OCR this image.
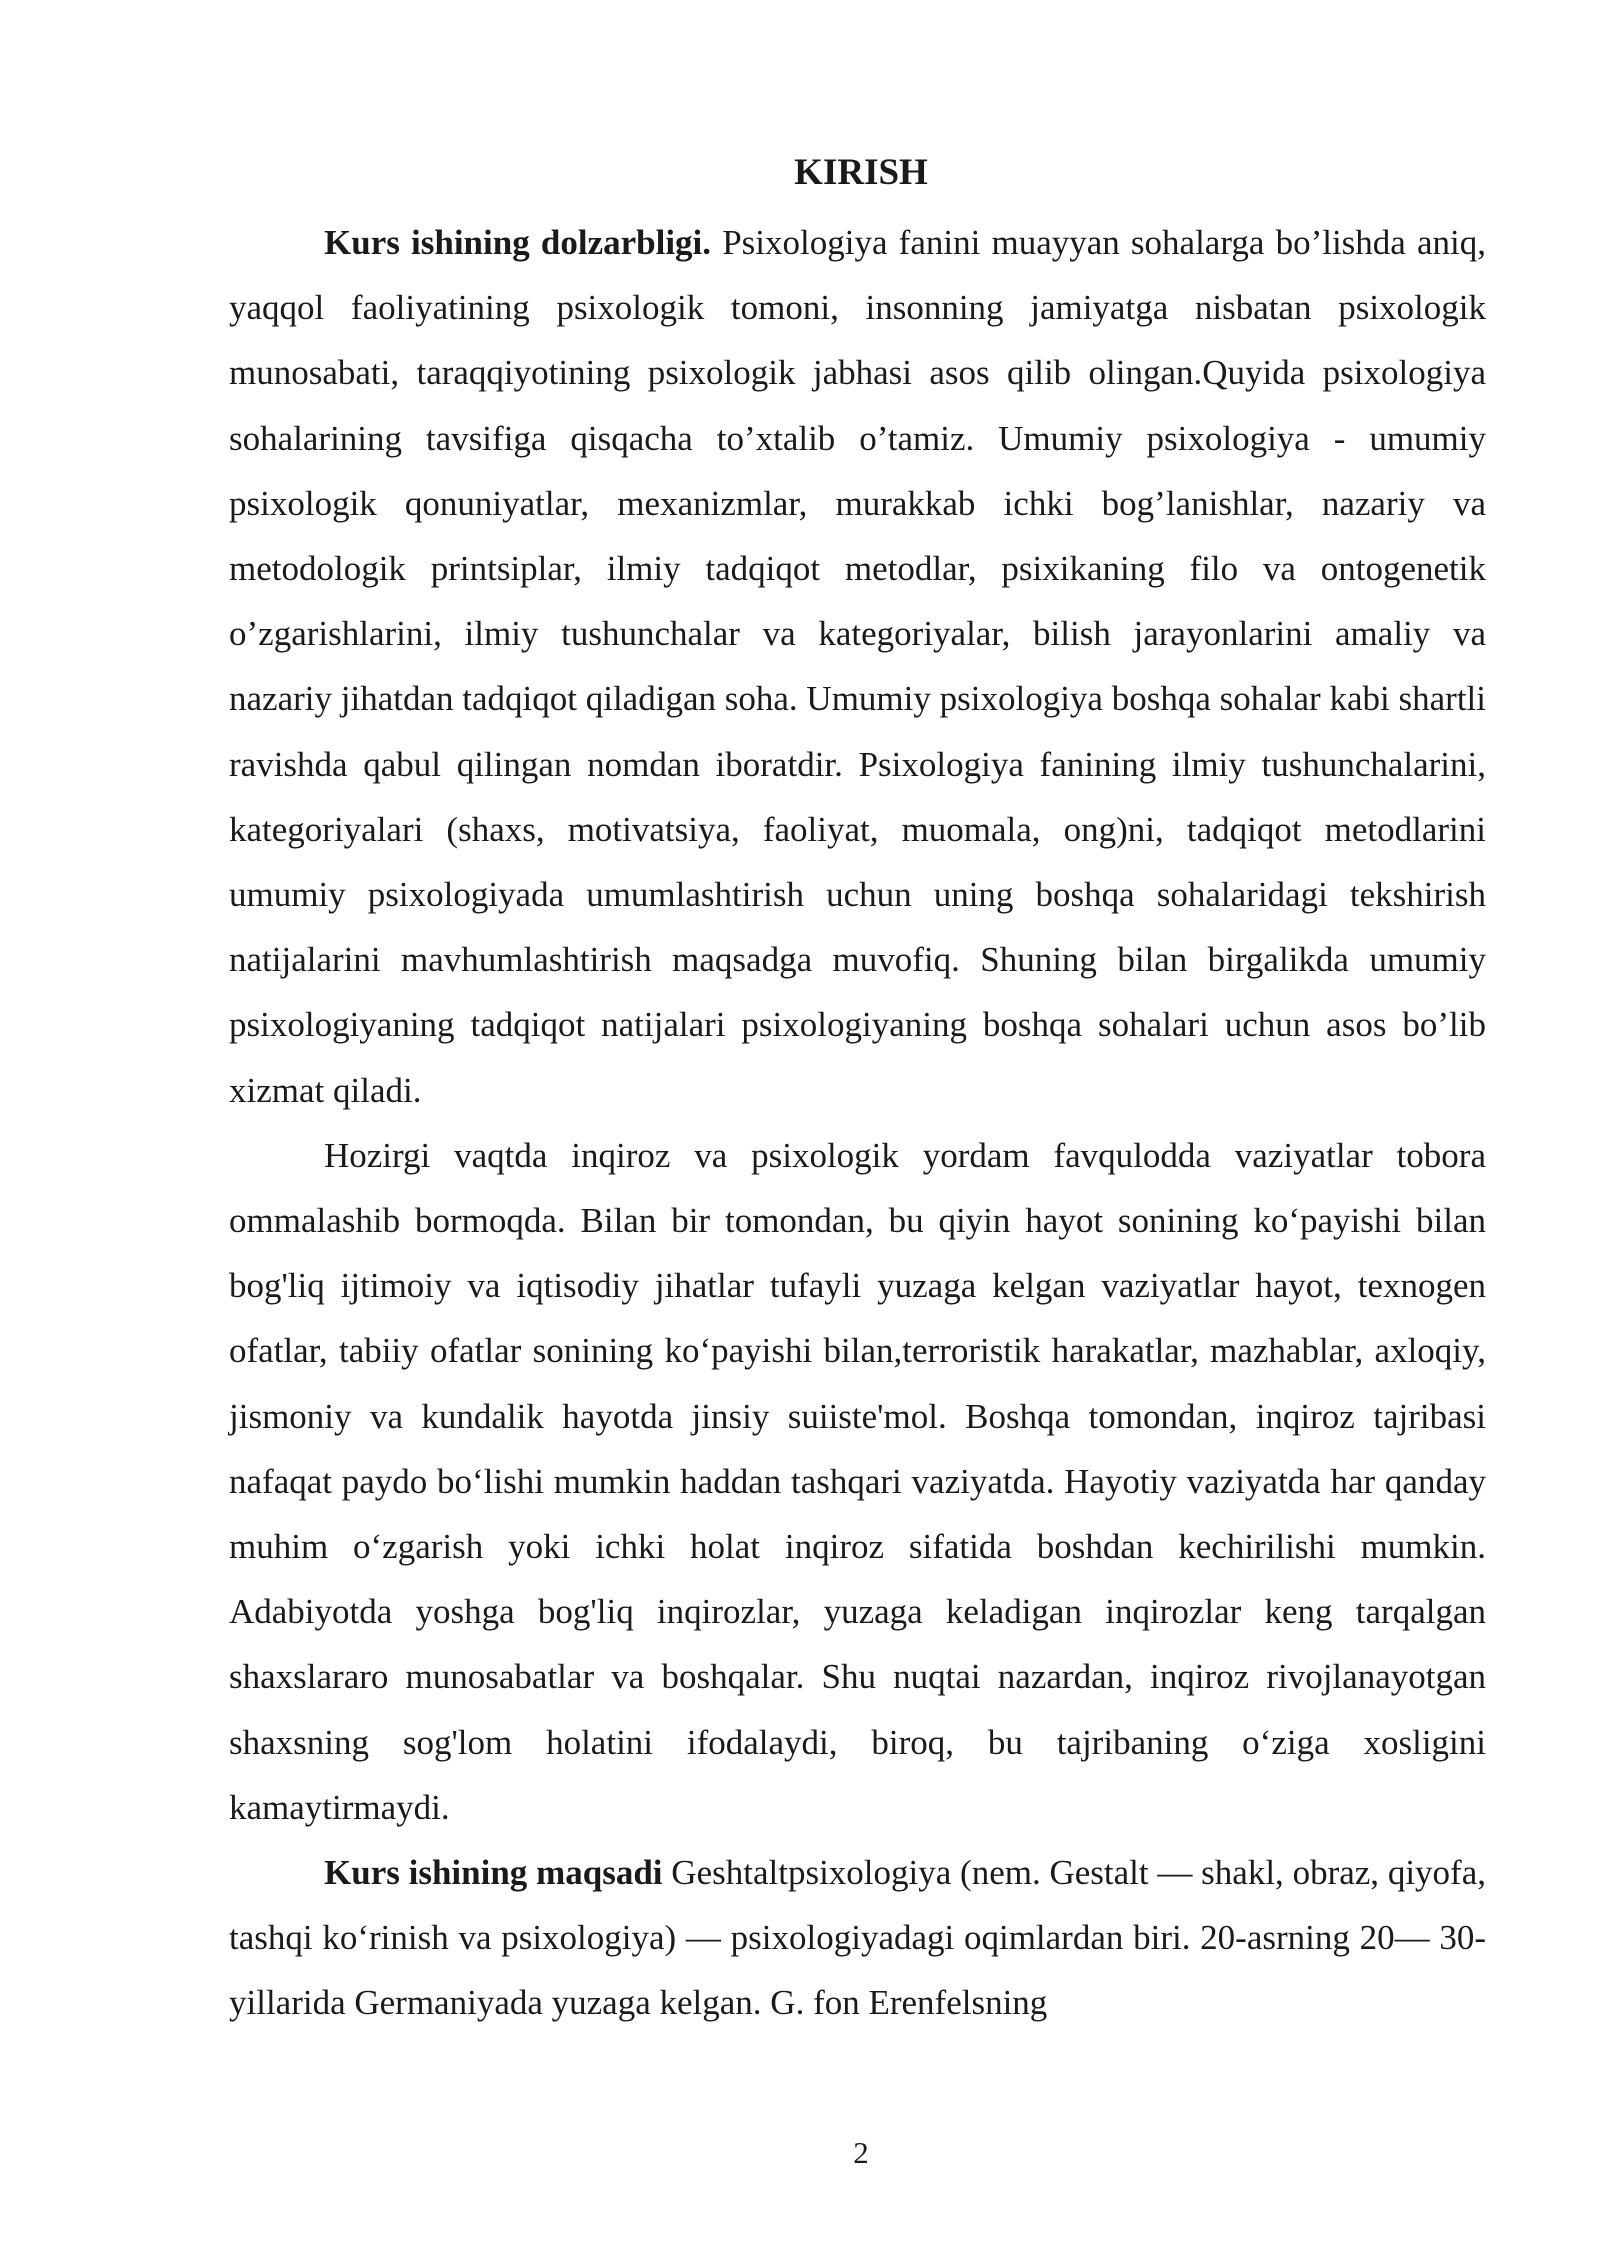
KIRISH

Kurs ishining dolzarbligi. Psixologiya fanini muayyan sohalarga bo’lishda aniq, yaqqol faoliyatining psixologik tomoni, insonning jamiyatga nisbatan psixologik munosabati, taraqqiyotining psixologik jabhasi asos qilib olingan.Quyida psixologiya sohalarining tavsifiga qisqacha to’xtalib o’tamiz. Umumiy psixologiya - umumiy psixologik qonuniyatlar, mexanizmlar, murakkab ichki bog’lanishlar, nazariy va metodologik printsiplar, ilmiy tadqiqot metodlar, psixikaning filo va ontogenetik o’zgarishlarini, ilmiy tushunchalar va kategoriyalar, bilish jarayonlarini amaliy va nazariy jihatdan tadqiqot qiladigan soha. Umumiy psixologiya boshqa sohalar kabi shartli ravishda qabul qilingan nomdan iboratdir. Psixologiya fanining ilmiy tushunchalarini, kategoriyalari (shaxs, motivatsiya, faoliyat, muomala, ong)ni, tadqiqot metodlarini umumiy psixologiyada umumlashtirish uchun uning boshqa sohalaridagi tekshirish natijalarini mavhumlashtirish maqsadga muvofiq. Shuning bilan birgalikda umumiy psixologiyaning tadqiqot natijalari psixologiyaning boshqa sohalari uchun asos bo’lib xizmat qiladi.

Hozirgi vaqtda inqiroz va psixologik yordam favqulodda vaziyatlar tobora ommalashib bormoqda. Bilan bir tomondan, bu qiyin hayot sonining ko‘payishi bilan bog'liq ijtimoiy va iqtisodiy jihatlar tufayli yuzaga kelgan vaziyatlar hayot, texnogen ofatlar, tabiiy ofatlar sonining ko‘payishi bilan,terroristik harakatlar, mazhablar, axloqiy, jismoniy va kundalik hayotda jinsiy suiiste'mol. Boshqa tomondan, inqiroz tajribasi nafaqat paydo bo‘lishi mumkin haddan tashqari vaziyatda. Hayotiy vaziyatda har qanday muhim o‘zgarish yoki ichki holat inqiroz sifatida boshdan kechirilishi mumkin. Adabiyotda yoshga bog'liq inqirozlar, yuzaga keladigan inqirozlar keng tarqalgan shaxslararo munosabatlar va boshqalar. Shu nuqtai nazardan, inqiroz rivojlanayotgan shaxsning sog'lom holatini ifodalaydi, biroq, bu tajribaning o‘ziga xosligini kamaytirmaydi.

Kurs ishining maqsadi Geshtaltpsixologiya (nem. Gestalt — shakl, obraz, qiyofa, tashqi ko‘rinish va psixologiya) — psixologiyadagi oqimlardan biri. 20-asrning 20— 30-yillarida Germaniyada yuzaga kelgan. G. fon Erenfelsning

2
